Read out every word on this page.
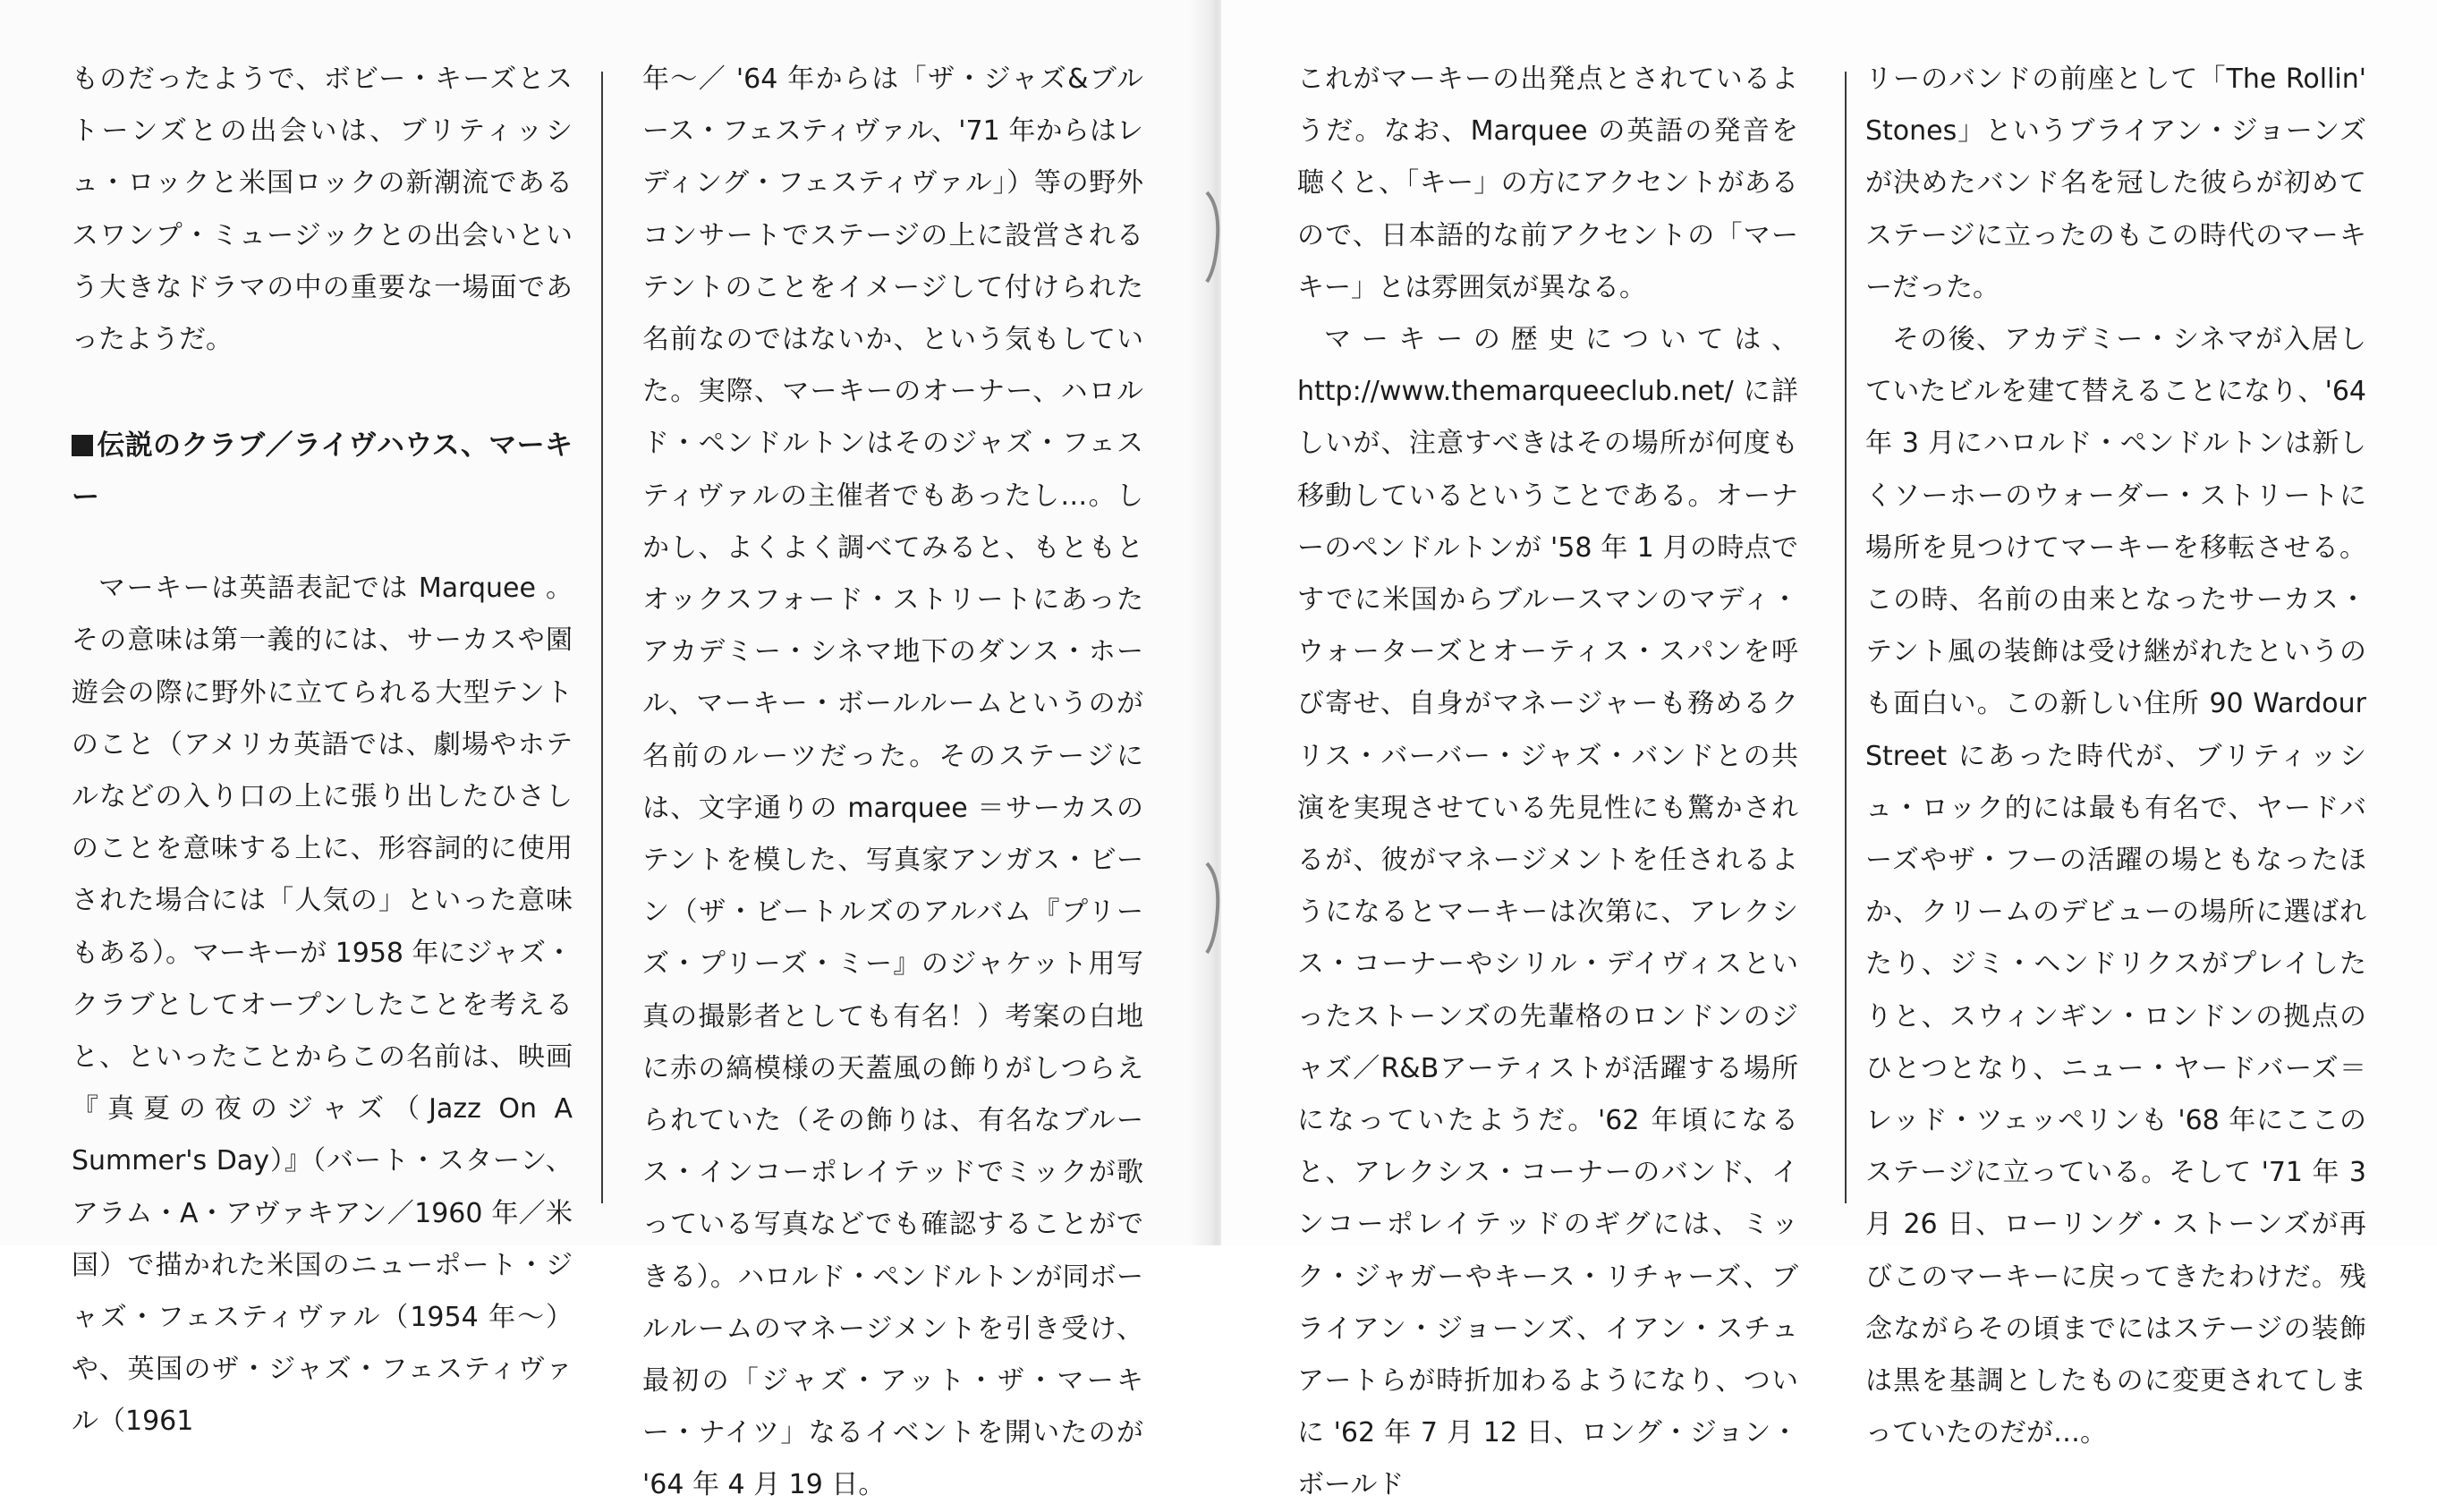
ものだったようで、ボビー・キーズとストーンズとの出会いは、ブリティッシュ・ロックと米国ロックの新潮流であるスワンプ・ミュージックとの出会いという大きなドラマの中の重要な一場面であったようだ。

伝説のクラブ／ライヴハウス、マーキー

マーキーは英語表記では Marquee 。その意味は第一義的には、サーカスや園遊会の際に野外に立てられる大型テントのこと（アメリカ英語では、劇場やホテルなどの入り口の上に張り出したひさしのことを意味する上に、形容詞的に使用された場合には「人気の」といった意味もある）。マーキーが 1958 年にジャズ・クラブとしてオープンしたことを考えると、といったことからこの名前は、映画『真夏の夜のジャズ（Jazz On A Summer's Day）』（バート・スターン、アラム・A・アヴァキアン／1960 年／米国）で描かれた米国のニューポート・ジャズ・フェスティヴァル（1954 年〜）や、英国のザ・ジャズ・フェスティヴァル（1961

年〜／ '64 年からは「ザ・ジャズ&ブルース・フェスティヴァル、'71 年からはレディング・フェスティヴァル」）等の野外コンサートでステージの上に設営されるテントのことをイメージして付けられた名前なのではないか、という気もしていた。実際、マーキーのオーナー、ハロルド・ペンドルトンはそのジャズ・フェスティヴァルの主催者でもあったし…。しかし、よくよく調べてみると、もともとオックスフォード・ストリートにあったアカデミー・シネマ地下のダンス・ホール、マーキー・ボールルームというのが名前のルーツだった。そのステージには、文字通りの marquee ＝サーカスのテントを模した、写真家アンガス・ビーン（ザ・ビートルズのアルバム『プリーズ・プリーズ・ミー』のジャケット用写真の撮影者としても有名！）考案の白地に赤の縞模様の天蓋風の飾りがしつらえられていた（その飾りは、有名なブルース・インコーポレイテッドでミックが歌っている写真などでも確認することができる）。ハロルド・ペンドルトンが同ボールルームのマネージメントを引き受け、最初の「ジャズ・アット・ザ・マーキー・ナイツ」なるイベントを開いたのが '64 年 4 月 19 日。

これがマーキーの出発点とされているようだ。なお、Marquee の英語の発音を聴くと、「キー」の方にアクセントがあるので、日本語的な前アクセントの「マーキー」とは雰囲気が異なる。

マーキーの歴史については、http://www.themarqueeclub.net/ に詳しいが、注意すべきはその場所が何度も移動しているということである。オーナーのペンドルトンが '58 年 1 月の時点ですでに米国からブルースマンのマディ・ウォーターズとオーティス・スパンを呼び寄せ、自身がマネージャーも務めるクリス・バーバー・ジャズ・バンドとの共演を実現させている先見性にも驚かされるが、彼がマネージメントを任されるようになるとマーキーは次第に、アレクシス・コーナーやシリル・デイヴィスといったストーンズの先輩格のロンドンのジャズ／R&Bアーティストが活躍する場所になっていたようだ。'62 年頃になると、アレクシス・コーナーのバンド、インコーポレイテッドのギグには、ミック・ジャガーやキース・リチャーズ、ブライアン・ジョーンズ、イアン・スチュアートらが時折加わるようになり、ついに '62 年 7 月 12 日、ロング・ジョン・ボールド

リーのバンドの前座として「The Rollin' Stones」というブライアン・ジョーンズが決めたバンド名を冠した彼らが初めてステージに立ったのもこの時代のマーキーだった。

その後、アカデミー・シネマが入居していたビルを建て替えることになり、'64 年 3 月にハロルド・ペンドルトンは新しくソーホーのウォーダー・ストリートに場所を見つけてマーキーを移転させる。この時、名前の由来となったサーカス・テント風の装飾は受け継がれたというのも面白い。この新しい住所 90 Wardour Street にあった時代が、ブリティッシュ・ロック的には最も有名で、ヤードバーズやザ・フーの活躍の場ともなったほか、クリームのデビューの場所に選ばれたり、ジミ・ヘンドリクスがプレイしたりと、スウィンギン・ロンドンの拠点のひとつとなり、ニュー・ヤードバーズ＝レッド・ツェッペリンも '68 年にここのステージに立っている。そして '71 年 3 月 26 日、ローリング・ストーンズが再びこのマーキーに戻ってきたわけだ。残念ながらその頃までにはステージの装飾は黒を基調としたものに変更されてしまっていたのだが…。
